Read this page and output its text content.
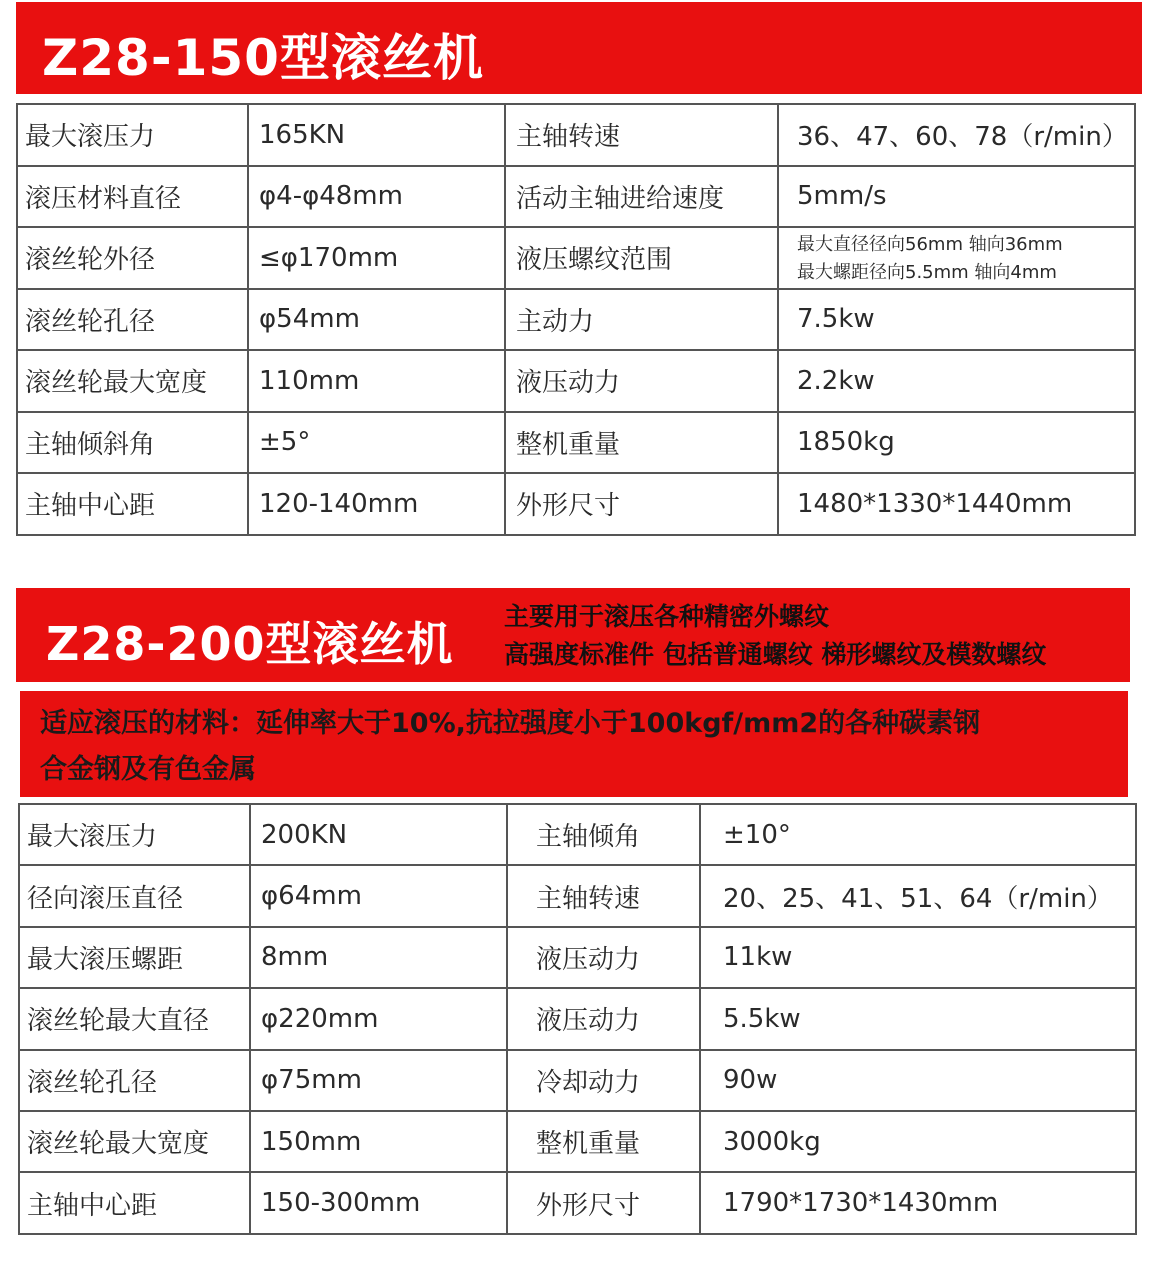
Z28-150型滚丝机
最大滚压力	165KN	主轴转速	36、47、60、78（r/min）
滚压材料直径	φ4-φ48mm	活动主轴进给速度	5mm/s
滚丝轮外径	≤φ170mm	液压螺纹范围	最大直径径向56mm 轴向36mm
最大螺距径向5.5mm 轴向4mm

滚丝轮孔径	φ54mm	主动力	7.5kw
滚丝轮最大宽度	110mm	液压动力	2.2kw
主轴倾斜角	±5°	整机重量	1850kg
主轴中心距	120-140mm	外形尺寸	1480*1330*1440mm
Z28-200型滚丝机
主要用于滚压各种精密外螺纹
高强度标准件 包括普通螺纹 梯形螺纹及模数螺纹
适应滚压的材料：延伸率大于10%,抗拉强度小于100kgf/mm2的各种碳素钢
合金钢及有色金属
最大滚压力	200KN	主轴倾角	±10°
径向滚压直径	φ64mm	主轴转速	20、25、41、51、64（r/min）
最大滚压螺距	8mm	液压动力	11kw
滚丝轮最大直径	φ220mm	液压动力	5.5kw
滚丝轮孔径	φ75mm	冷却动力	90w
滚丝轮最大宽度	150mm	整机重量	3000kg
主轴中心距	150-300mm	外形尺寸	1790*1730*1430mm
